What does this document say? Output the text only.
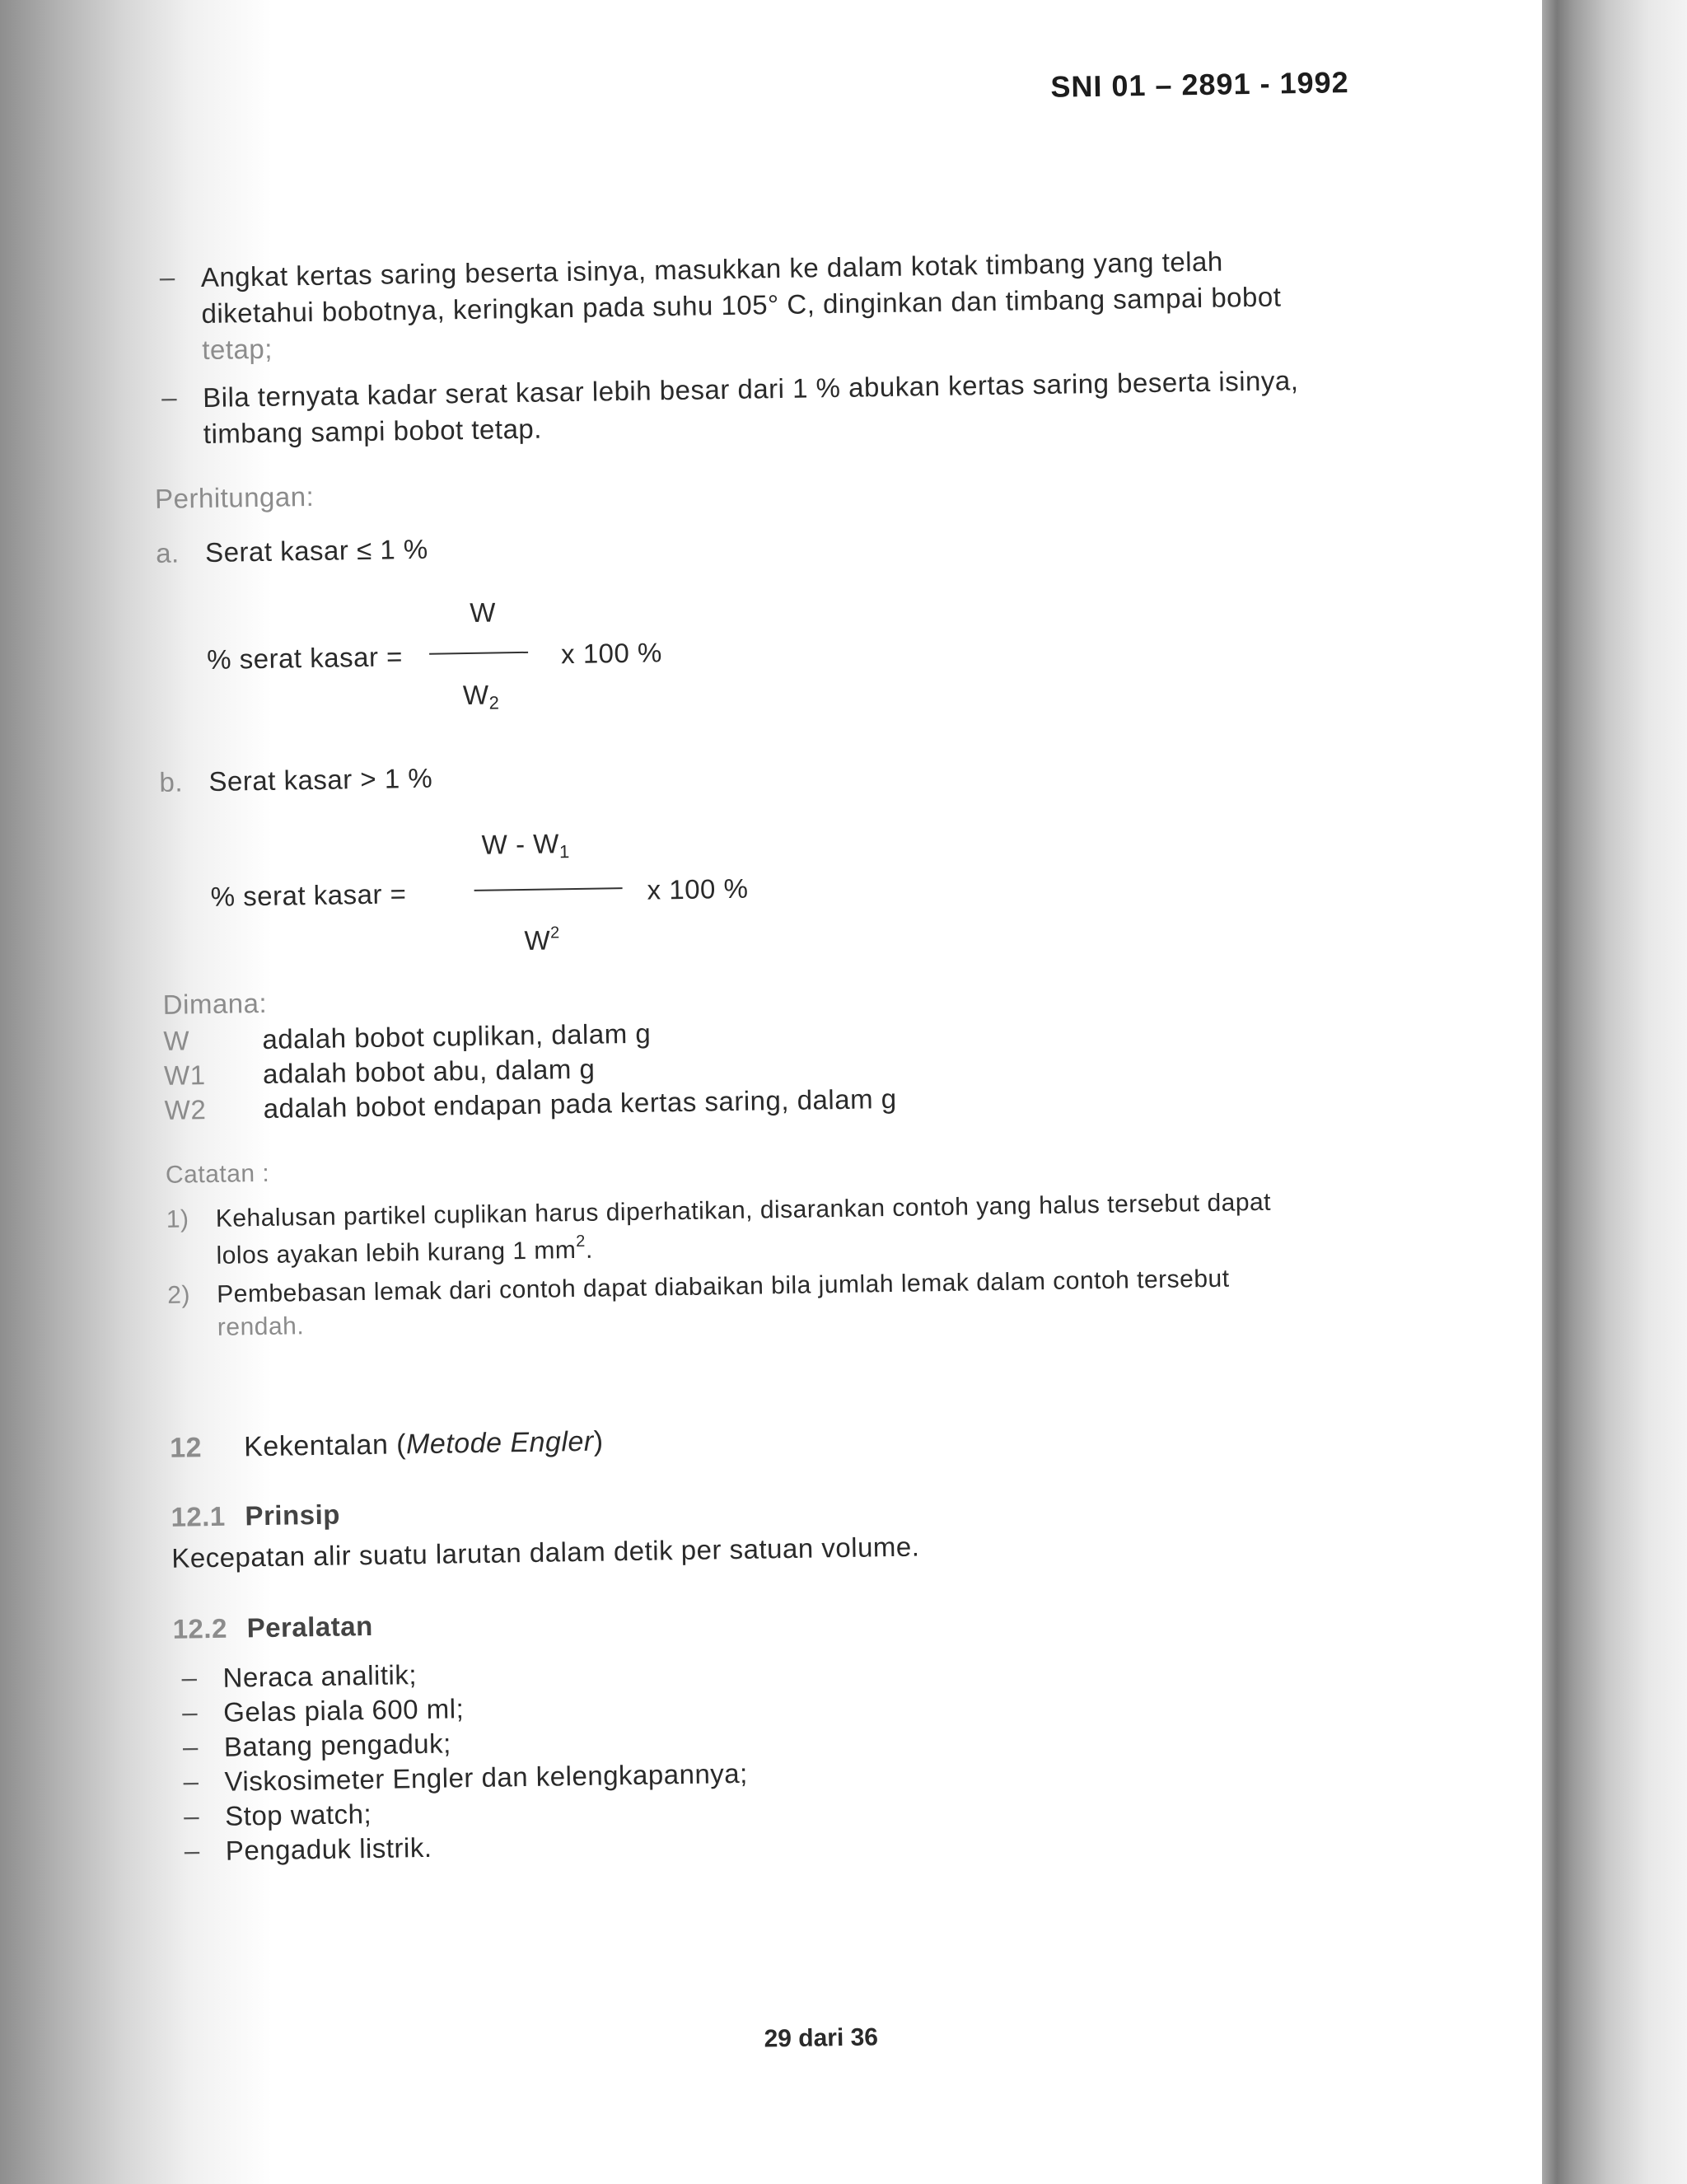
SNI 01 – 2891 - 1992
– Angkat kertas saring beserta isinya, masukkan ke dalam kotak timbang yang telah
diketahui bobotnya, keringkan pada suhu 105° C, dinginkan dan timbang sampai bobot
tetap;
– Bila ternyata kadar serat kasar lebih besar dari 1 % abukan kertas saring beserta isinya,
timbang sampi bobot tetap.
Perhitungan:
a. Serat kasar ≤ 1 %
W
% serat kasar =	x 100 %
$W_2$
b. Serat kasar > 1 %
W - $W_1$
% serat kasar =	x 100 %
$W^2$
Dimana:
W	adalah bobot cuplikan, dalam g
W1 adalah bobot abu, dalam g
W2 adalah bobot endapan pada kertas saring, dalam g
Catatan :
1) Kehalusan partikel cuplikan harus diperhatikan, disarankan contoh yang halus tersebut dapat
lolos ayakan lebih kurang 1 $mm^2$.
2) Pembebasan lemak dari contoh dapat diabaikan bila jumlah lemak dalam contoh tersebut
rendah.
12 Kekentalan (Metode Engler)
12.1 Prinsip
Kecepatan alir suatu larutan dalam detik per satuan volume.
12.2 Peralatan
– Neraca analitik;
– Gelas piala 600 ml;
– Batang pengaduk;
– Viskosimeter Engler dan kelengkapannya;
– Stop watch;
– Pengaduk listrik.
29 dari 36
